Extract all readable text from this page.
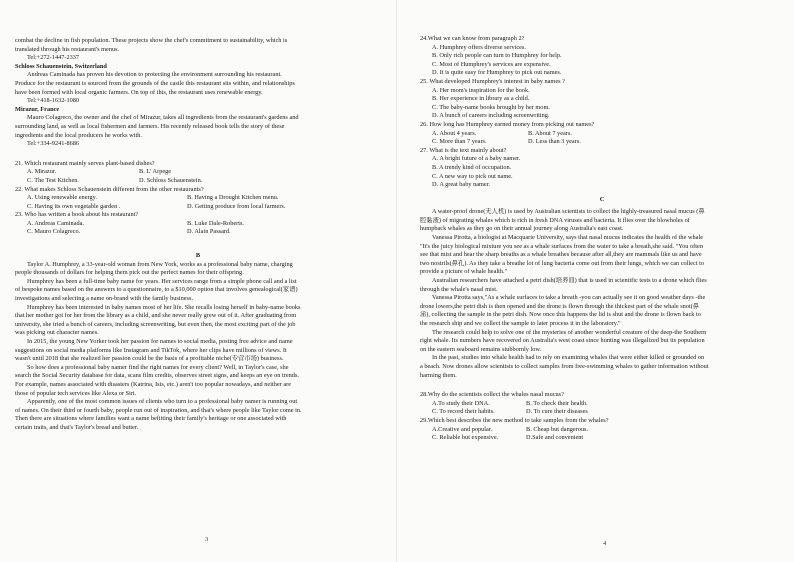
combat the decline in fish population. These projects show the chef's commitment to sustainability, which is
translated through his restaurant's menus.
Tel:+272-1447-2337
Schloss Schauenstein, Switzerland
Andreas Caminada has proven his devotion to protecting the environment surrounding his restaurant.
Produce for the restaurant is sourced from the grounds of the castle this restaurant sits within, and relationships
have been formed with local organic farmers. On top of this, the restaurant uses renewable energy.
Tel:+418-1632-1080
Mirazur, France
Mauro Colagreco, the owner and the chef of Mirazur, takes all ingredients from the restaurant's gardens and
surrounding land, as well as local fishermen and farmers. His recently released book tells the story of these
ingredients and the local producers he works with.
Tel:+334-9241-8686
21. Which restaurant mainly serves plant-based dishes?
A. Mirazur.	B. L' Arpege
C. The Test Kitchen.	D. Schloss Schauenstein.
22. What makes Schloss Schauenstein different from the other restaurants?
A. Using renewable energy.	B. Having a Drought Kitchen menu.
C. Having its own vegetable garden .	D. Getting produce from local farmers.
23. Who has written a book about his restaurant?
A. Andreas Caminada.	B. Luke Dale-Roberts.
C. Mauro Colagreco.	D. Alain Passard.
B
Taylor A. Humphrey, a 33-year-old woman from New York, works as a professional baby name, charging
people thousands of dollars for helping them pick out the perfect names for their offspring.
Humphrey has been a full-time baby name for years. Her services range from a simple phone call and a list
of bespoke names based on the answers to a questionnaire, to a $10,000 option that involves genealogical(家谱)
investigations and selecting a name on-brand with the family business.
Humphrey has been interested in baby names most of her life. She recalls losing herself in baby-name books
that her mother got for her from the library as a child, and she never really grew out of it. After graduating from
university, she tried a bunch of careers, including screenwriting, but even then, the most exciting part of the job
was picking out character names.
In 2015, the young New Yorker took her passion for names to social media, posting free advice and name
suggestions on social media platforms like Instagram and TikTok, where her clips have millions of views. It
wasn't until 2018 that she realized her passion could be the basis of a profitable niche(专营市场) business.
So how does a professional baby namer find the right names for every client? Well, in Taylor's case, she
search the Social Security database for data, scans film credits, observes street signs, and keeps an eye on trends.
For example, names associated with disasters (Katrina, Isis, etc.) aren't too popular nowadays, and neither are
those of popular tech services like Alexa or Siri.
Apparently, one of the most common issues of clients who turn to a professional baby namer is running out
of names. On their third or fourth baby, people run out of inspiration, and that's where people like Taylor come in.
Then there are situations where families want a name befitting their family's heritage or one associated with
certain traits, and that's Taylor's bread and butter.
3
24.What we can know from paragraph 2?
A. Humphrey offers diverse services.
B. Only rich people can turn to Humphrey for help.
C. Most of Humphrey's services are expensive.
D. It is quite easy for Humphrey to pick out names.
25. What developed Humphrey's interest in baby names ?
A. Her mom's inspiration for the book.
B. Her experience in library as a child.
C. The baby-name books brought by her mom.
D. A bunch of careers including screenwriting.
26. How long has Humphrey earned money from picking out names?
A. About 4 years.	B. About 7 years.
C. More than 7 years.	D. Less than 3 years.
27. What is the text mainly about?
A. A bright future of a baby namer.
B. A trendy kind of occupation.
C. A new way to pick out name.
D. A great baby namer.
C
A water-proof drone(无人机) is used by Australian scientists to collect the highly-treasured nasal mucus (鼻
腔黏液) of migrating whales which is rich in fresh DNA viruses and bacteria. It flies over the blowholes of
humpback whales as they go on their annual journey along Australia's east coast.
Vanessa Pirotta, a biologist at Macquarie University, says that nasal mucus indicates the health of the whale
"It's the juicy biological mixture you see as a whale surfaces from the water to take a breath,she said. "You often
see that mist and hear the sharp breaths as a whale breathes because after all,they are mammals like us and have
two nostrils(鼻孔). As they take a breathe lot of lung bacteria come out from their lungs, which we can collect to
provide a picture of whale health."
Australian researchers have attached a petri dish(培养皿) that is used in scientific tests to a drone which flies
through the whale's nasal mist.
Vanessa Pirotta says,"As a whale surfaces to take a breath -you can actually see it on good weather days -the
drone lowers,the petri dish is then opened and the drone is flown through the thickest part of the whale snot(鼻
涕), collecting the sample in the petri dish. Now once this happens the lid is shut and the drone is flown back to
the research ship and we collect the sample to later process it in the laboratory."
The research could help to solve one of the mysteries of another wonderful creature of the deep-the Southern
right whale. Its numbers have recovered on Australia's west coast since hunting was illegalized but its population
on the eastern seaboard remains stubbornly low.
In the past, studies into whale health had to rely on examining whales that were either killed or grounded on
a beach. Now drones allow scientists to collect samples from free-swimming whales to gather information without
harming them.
28.Why do the scientists collect the whales nasal mucus?
A.To study their DNA.	B. To check their health.
C. To record their habits.	D. To cure their diseases
29.Which best describes the new method to take samples from the whales?
A.Creative and popular.	B. Cheap but dangerous.
C. Reliable but expensive.	D.Safe and convenient
4
